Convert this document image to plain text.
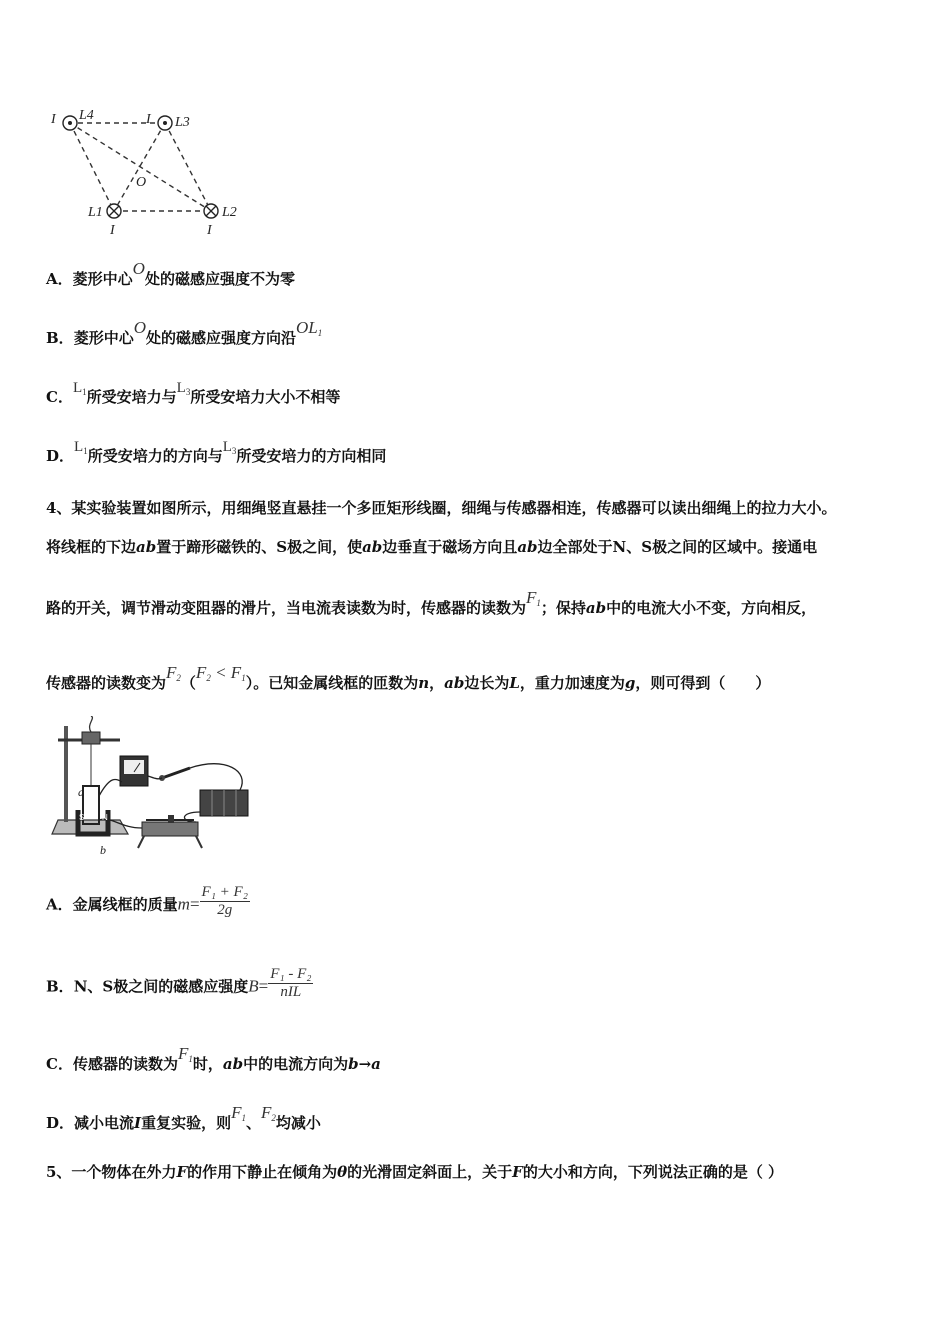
I L4	I L3
O
L1
I
L2
I
A．菱形中心O处的磁感应强度不为零
B．菱形中心O处的磁感应强度方向沿$OL_1$
C．$L_1$所受安培力与$L_3$所受安培力大小不相等
D．$L_1$所受安培力的方向与$L_3$所受安培力的方向相同
4、某实验装置如图所示，用细绳竖直悬挂一个多匝矩形线圈，细绳与传感器相连，传感器可以读出细绳上的拉力大小。
将线框的下边ab置于蹄形磁铁的、S极之间，使ab边垂直于磁场方向且ab边全部处于N、S极之间的区域中。接通电
路的开关，调节滑动变阻器的滑片，当电流表读数为时，传感器的读数为$F_1$；保持ab中的电流大小不变，方向相反，
传感器的读数变为$F_2(F_2 < F_1)$。已知金属线框的匝数为n，ab边长为L，重力加速度为g，则可得到（　　）
a
b
S N
A．金属线框的质量$m= \frac{\text{F₁ + F₂}}{2g}$
B．N、S极之间的磁感应强度$B= \frac{\text{F₁ - F₂}}{\text{nIL}}$
C．传感器的读数为$F_1$时，ab中的电流方向为b→a
D．减小电流I重复实验，则$F_1$、$F_2$均减小
5、一个物体在外力F的作用下静止在倾角为θ的光滑固定斜面上，关于F的大小和方向，下列说法正确的是（ ）
